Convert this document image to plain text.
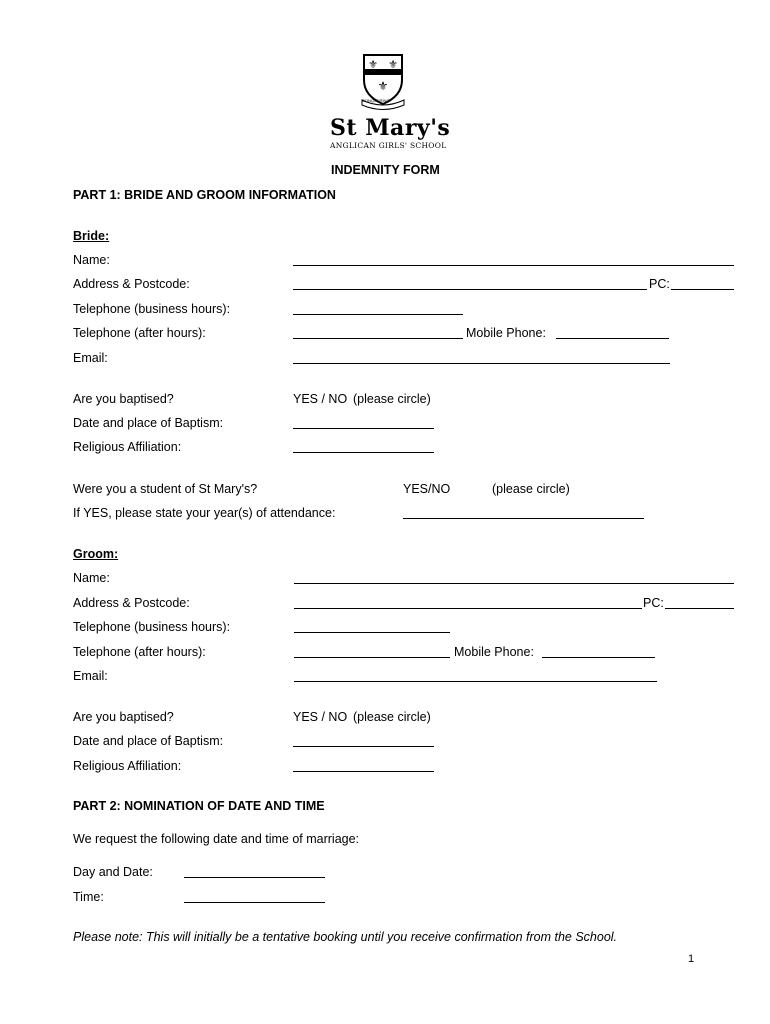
⚜ ⚜
⚜
CONQUERING
St Mary's
ANGLICAN GIRLS' SCHOOL
INDEMNITY FORM
PART 1: BRIDE AND GROOM INFORMATION
Bride:
Name:
Address & Postcode:	PC:
Telephone (business hours):
Telephone (after hours):	Mobile Phone:
Email:
Are you baptised?	YES / NO (please circle)
Date and place of Baptism:
Religious Affiliation:
Were you a student of St Mary's?	YES/NO	(please circle)
If YES, please state your year(s) of attendance:
Groom:
Name:
Address & Postcode:	PC:
Telephone (business hours):
Telephone (after hours):	Mobile Phone:
Email:
Are you baptised?	YES / NO (please circle)
Date and place of Baptism:
Religious Affiliation:
PART 2: NOMINATION OF DATE AND TIME
We request the following date and time of marriage:
Day and Date:
Time:
Please note: This will initially be a tentative booking until you receive confirmation from the School.
1
